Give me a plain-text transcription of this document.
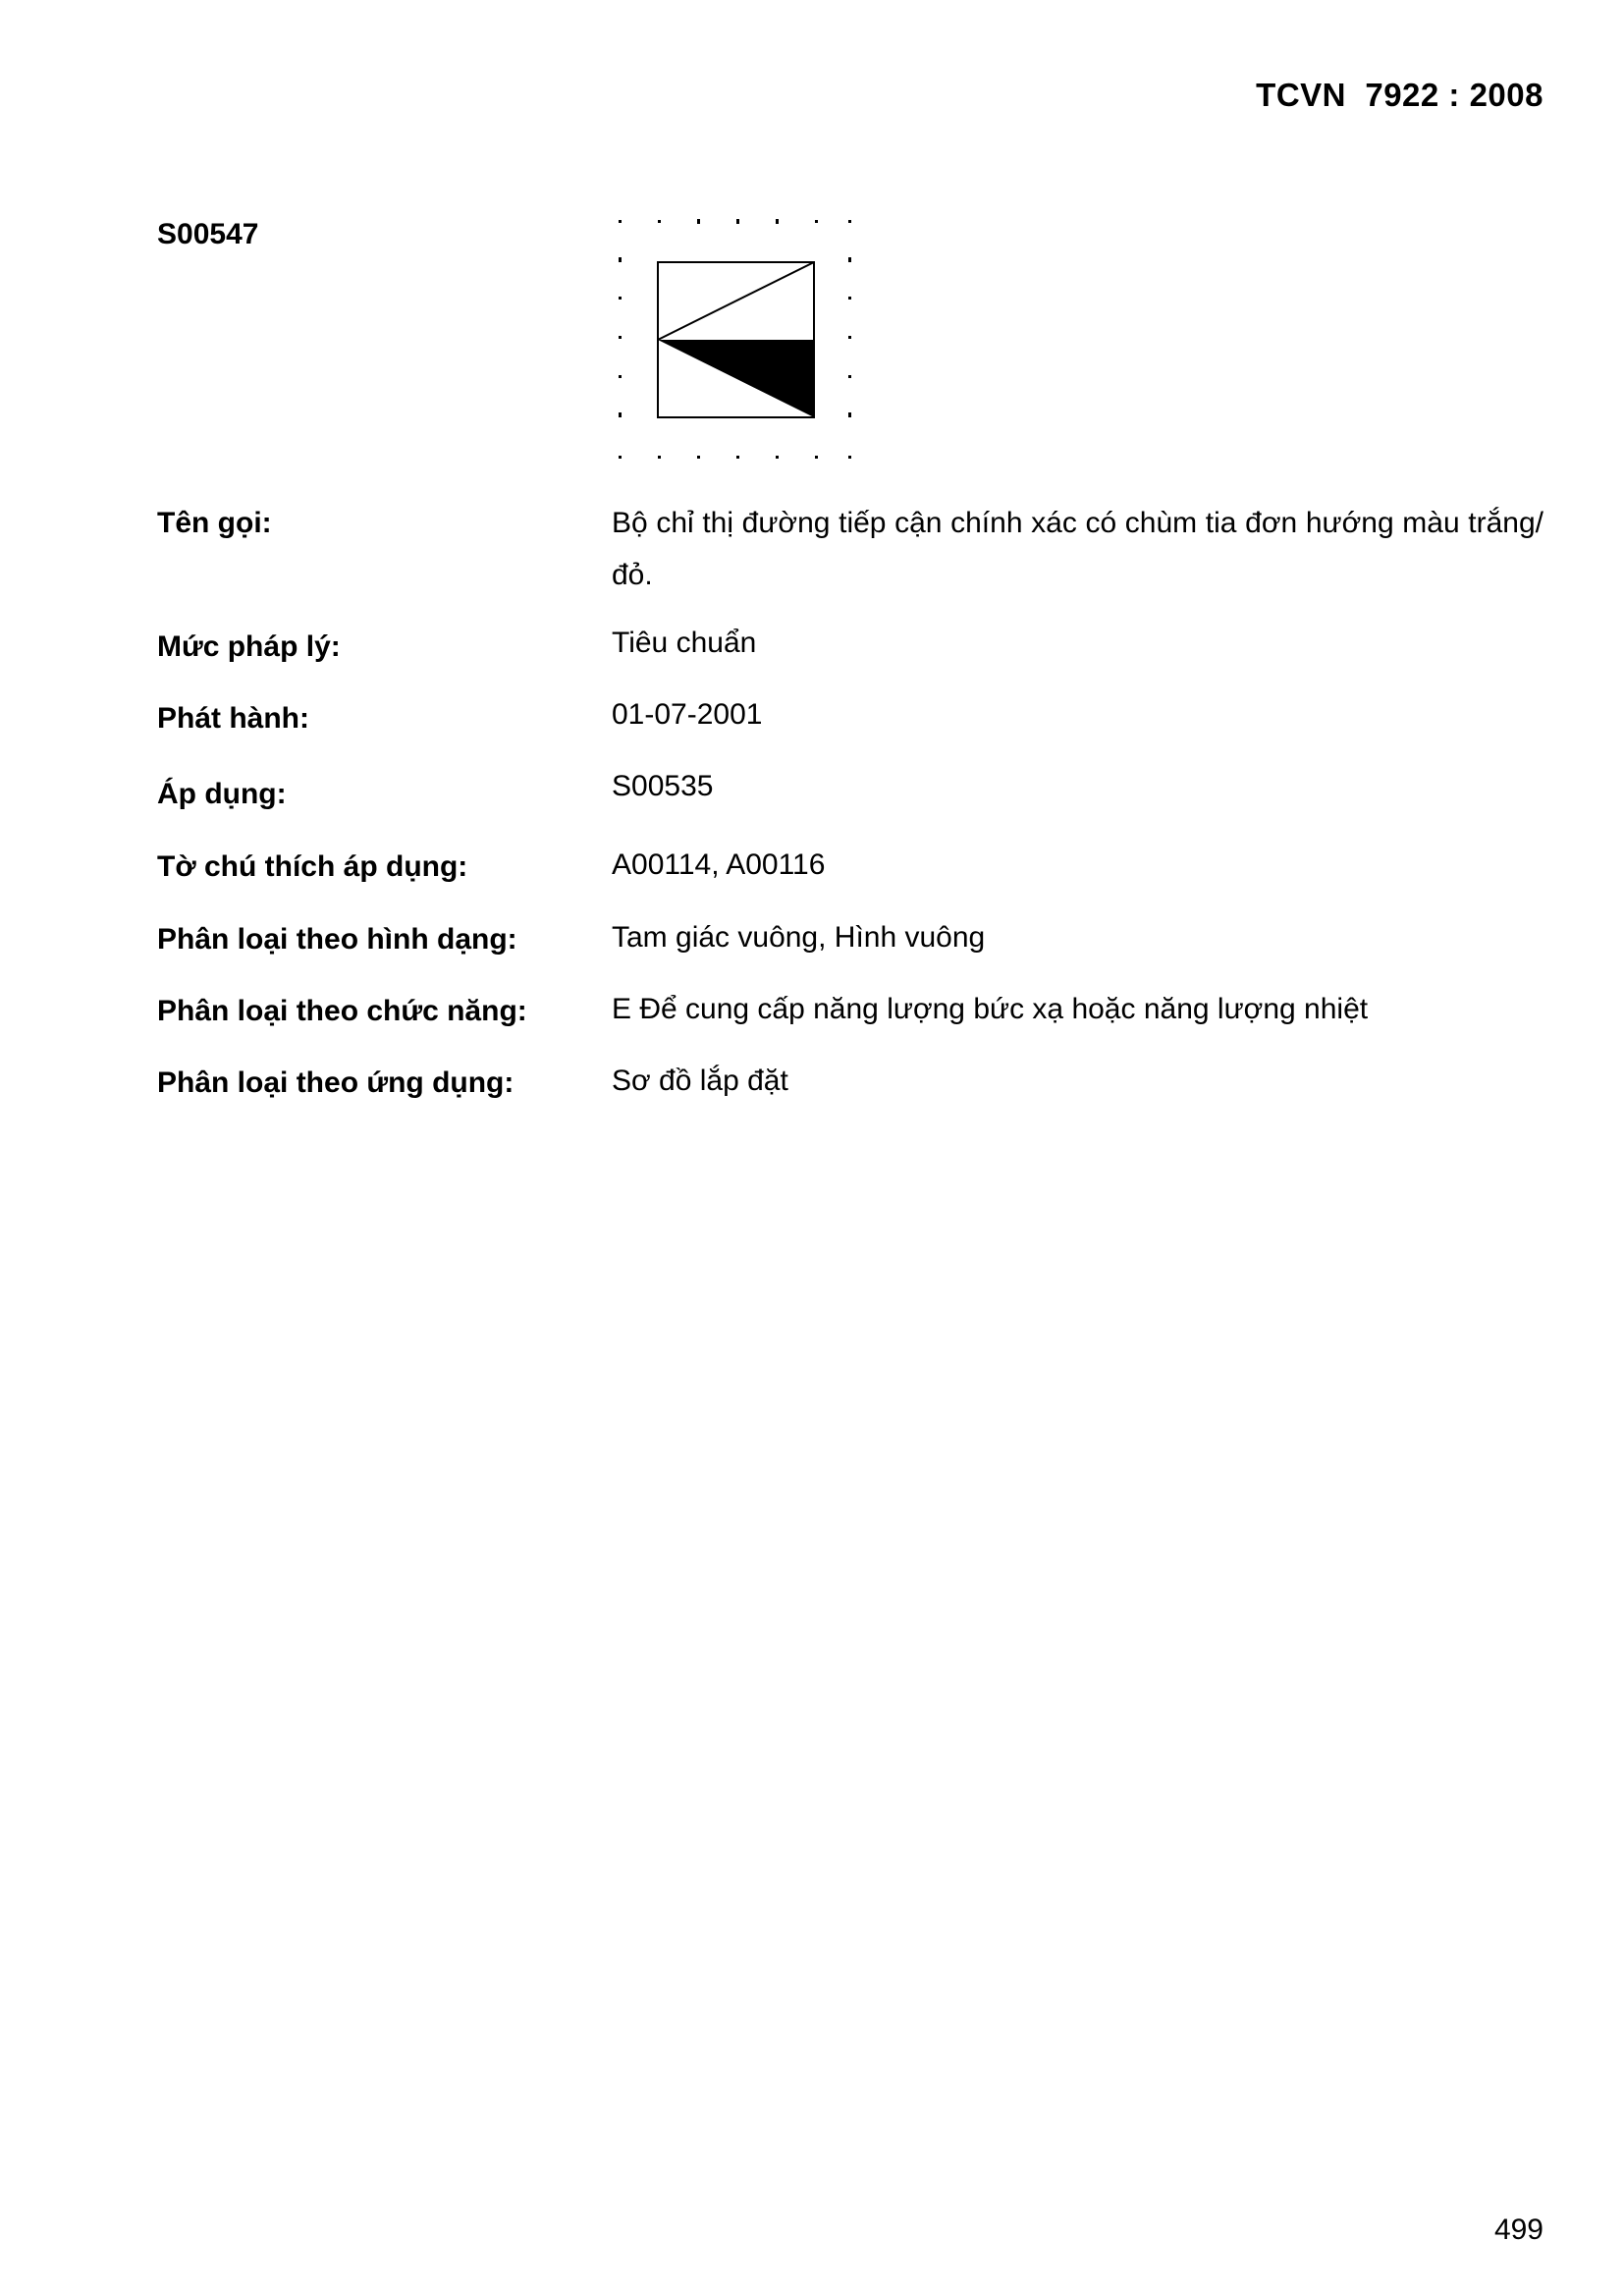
TCVN  7922 : 2008
S00547
Tên gọi:	Bộ chỉ thị đường tiếp cận chính xác có chùm tia đơn hướng màu trắng/đỏ.
Mức pháp lý:	Tiêu chuẩn
Phát hành:	01-07-2001
Áp dụng:	S00535
Tờ chú thích áp dụng:	A00114, A00116
Phân loại theo hình dạng:	Tam giác vuông, Hình vuông
Phân loại theo chức năng:	E Để cung cấp năng lượng bức xạ hoặc năng lượng nhiệt
Phân loại theo ứng dụng:	Sơ đồ lắp đặt
499
